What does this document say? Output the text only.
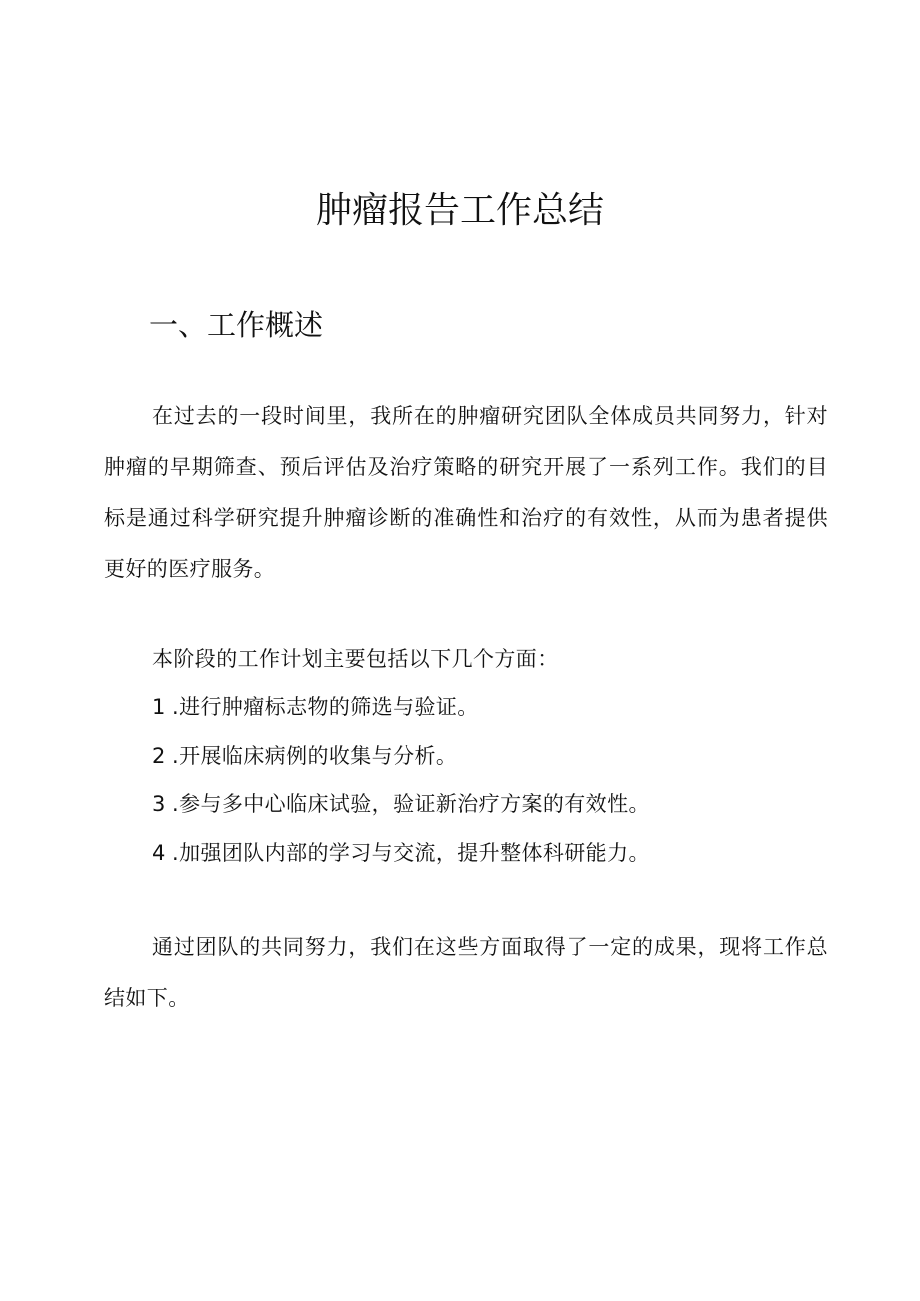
肿瘤报告工作总结
一、工作概述

在过去的一段时间里，我所在的肿瘤研究团队全体成员共同努力，针对肿瘤的早期筛查、预后评估及治疗策略的研究开展了一系列工作。我们的目标是通过科学研究提升肿瘤诊断的准确性和治疗的有效性，从而为患者提供更好的医疗服务。

本阶段的工作计划主要包括以下几个方面：

1 .进行肿瘤标志物的筛选与验证。
2 .开展临床病例的收集与分析。
3 .参与多中心临床试验，验证新治疗方案的有效性。
4 .加强团队内部的学习与交流，提升整体科研能力。

通过团队的共同努力，我们在这些方面取得了一定的成果，现将工作总结如下。
